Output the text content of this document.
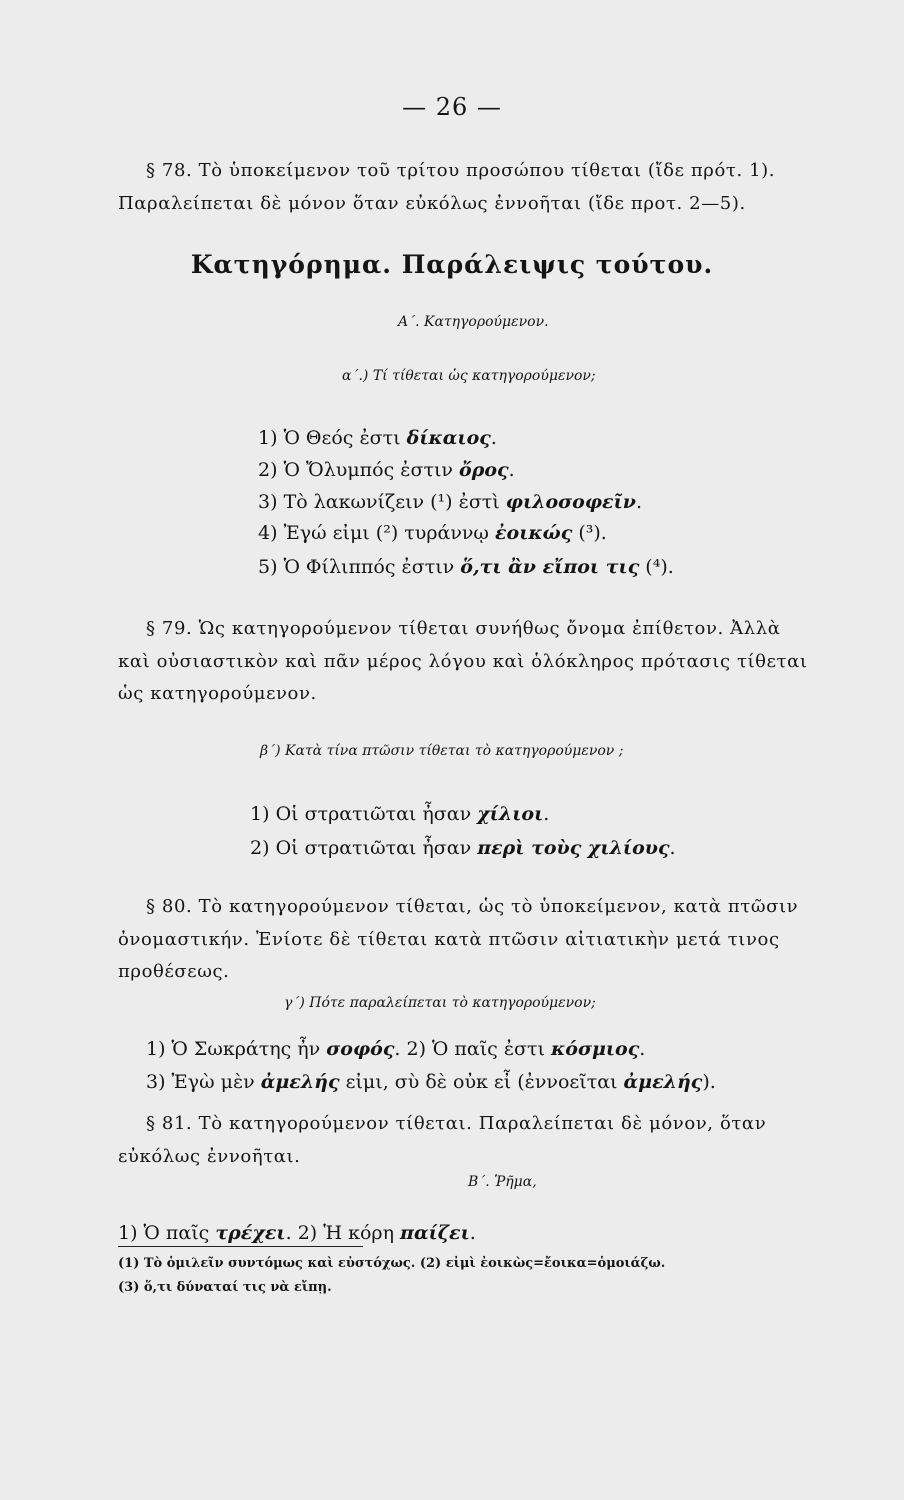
— 26 —
§ 78. Τὸ ὑποκείμενον τοῦ τρίτου προσώπου τίθεται (ἴδε πρότ. 1).
Παραλείπεται δὲ μόνον ὅταν εὐκόλως ἐννοῆται (ἴδε προτ. 2—5).
Κατηγόρημα. Παράλειψις τούτου.
Α΄. Κατηγορούμενον.
α΄.) Τί τίθεται ὡς κατηγορούμενον;
1) Ὁ Θεός ἐστι δίκαιος.
2) Ὁ Ὄλυμπός ἐστιν ὄρος.
3) Τὸ λακωνίζειν (¹) ἐστὶ φιλοσοφεῖν.
4) Ἐγώ εἰμι (²) τυράννῳ ἐοικώς (³).
5) Ὁ Φίλιππός ἐστιν ὅ,τι ἂν εἴποι τις (⁴).
§ 79. Ὡς κατηγορούμενον τίθεται συνήθως ὄνομα ἐπίθετον. Ἀλλὰ
καὶ οὐσιαστικὸν καὶ πᾶν μέρος λόγου καὶ ὁλόκληρος πρότασις τίθεται
ὡς κατηγορούμενον.
β΄) Κατὰ τίνα πτῶσιν τίθεται τὸ κατηγορούμενον ;
1) Οἱ στρατιῶται ἦσαν χίλιοι.
2) Οἱ στρατιῶται ἦσαν περὶ τοὺς χιλίους.
§ 80. Τὸ κατηγορούμενον τίθεται, ὡς τὸ ὑποκείμενον, κατὰ πτῶσιν
ὀνομαστικήν. Ἐνίοτε δὲ τίθεται κατὰ πτῶσιν αἰτιατικὴν μετά τινος
προθέσεως.
γ΄) Πότε παραλείπεται τὸ κατηγορούμενον;
1) Ὁ Σωκράτης ἦν σοφός. 2) Ὁ παῖς ἐστι κόσμιος.
3) Ἐγὼ μὲν ἀμελής εἰμι, σὺ δὲ οὐκ εἶ (ἐννοεῖται ἀμελής).
§ 81. Τὸ κατηγορούμενον τίθεται. Παραλείπεται δὲ μόνον, ὅταν
εὐκόλως ἐννοῆται.
Β΄. Ῥῆμα,
1) Ὁ παῖς τρέχει. 2) Ἡ κόρη παίζει.
(1) Τὸ ὁμιλεῖν συντόμως καὶ εὐστόχως. (2) εἰμὶ ἐοικὼς=ἔοικα=ὁμοιάζω.
(3) ὅ,τι δύναταί τις νὰ εἴπῃ.
